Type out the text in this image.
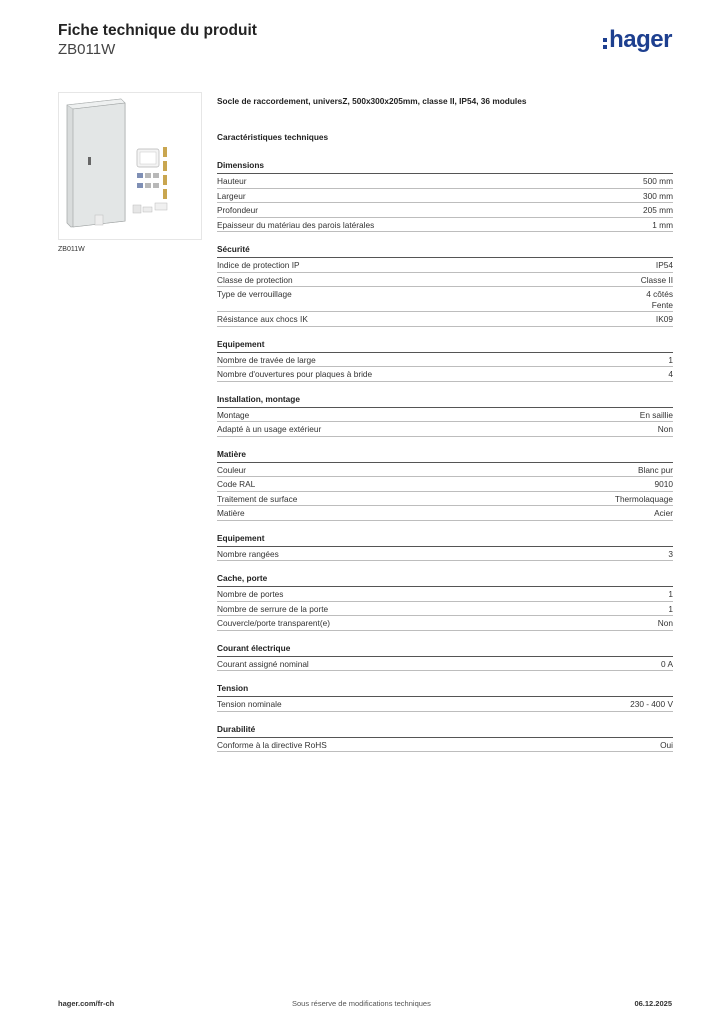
Fiche technique du produit
ZB011W	hager
ZB011W
Socle de raccordement, universZ, 500x300x205mm, classe II, IP54, 36 modules
Caractéristiques techniques
Dimensions
Hauteur	500 mm
Largeur	300 mm
Profondeur	205 mm
Epaisseur du matériau des parois latérales	1 mm
Sécurité
Indice de protection IP	IP54
Classe de protection	Classe II
Type de verrouillage	4 côtés
Fente
Résistance aux chocs IK	IK09
Equipement
Nombre de travée de large	1
Nombre d'ouvertures pour plaques à bride	4
Installation, montage
Montage	En saillie
Adapté à un usage extérieur	Non
Matière
Couleur	Blanc pur
Code RAL	9010
Traitement de surface	Thermolaquage
Matière	Acier
Equipement
Nombre rangées	3
Cache, porte
Nombre de portes	1
Nombre de serrure de la porte	1
Couvercle/porte transparent(e)	Non
Courant électrique
Courant assigné nominal	0 A
Tension
Tension nominale	230 - 400 V
Durabilité
Conforme à la directive RoHS	Oui
hager.com/fr-ch	Sous réserve de modifications techniques	06.12.2025
